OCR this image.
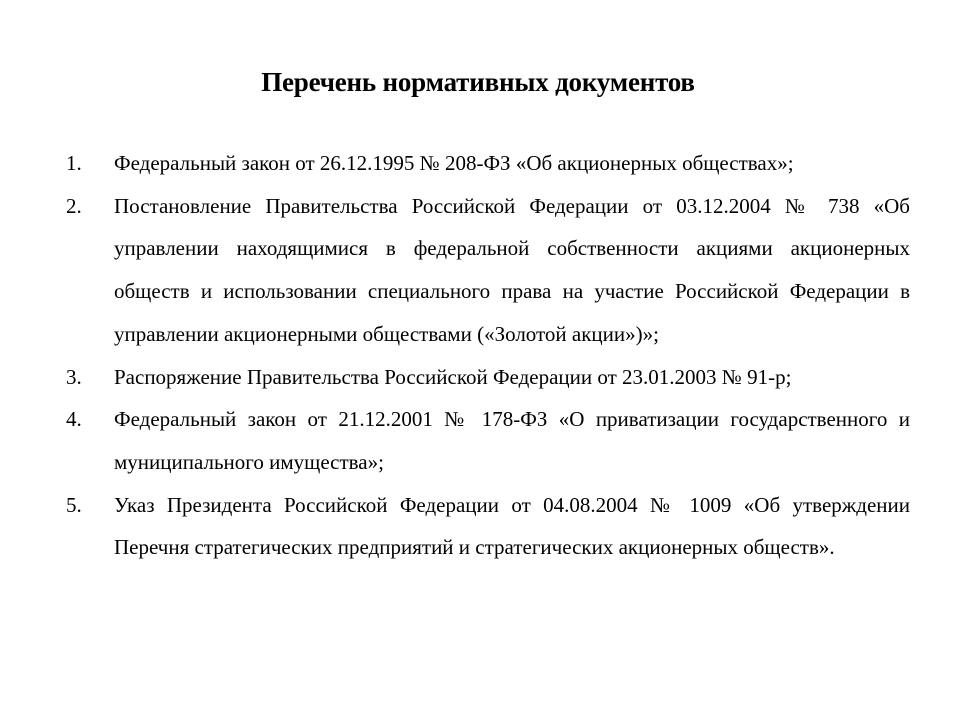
Перечень нормативных документов
1.	Федеральный закон от 26.12.1995 № 208-ФЗ «Об акционерных обществах»;
2.	Постановление Правительства Российской Федерации от 03.12.2004 № 738 «Об управлении находящимися в федеральной собственности акциями акционерных обществ и использовании специального права на участие Российской Федерации в управлении акционерными обществами («Золотой акции»)»;
3.	Распоряжение Правительства Российской Федерации от 23.01.2003 № 91-р;
4.	Федеральный закон от 21.12.2001 № 178-ФЗ «О приватизации государственного и муниципального имущества»;
5.	Указ Президента Российской Федерации от 04.08.2004 № 1009 «Об утверждении Перечня стратегических предприятий и стратегических акционерных обществ».
